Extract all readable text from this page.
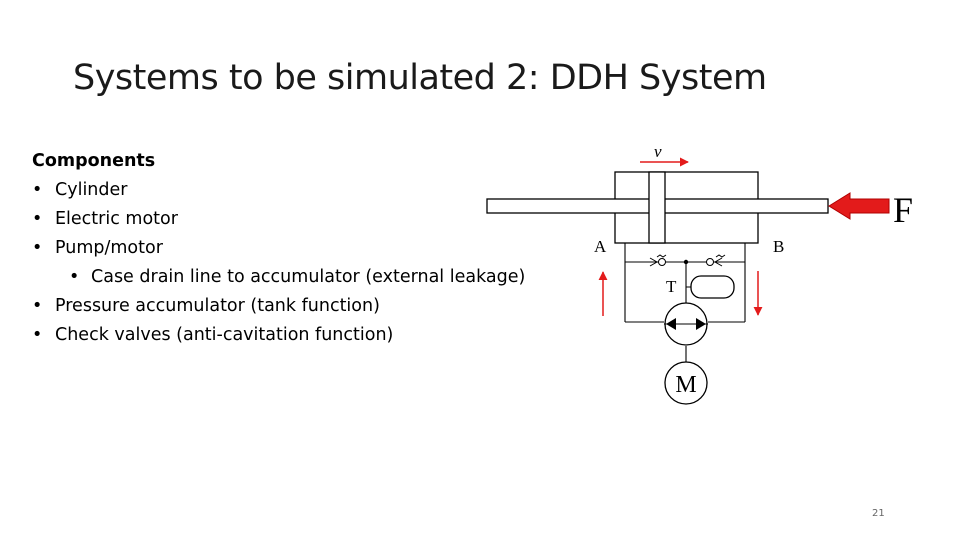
Systems to be simulated 2: DDH System
Components
• Cylinder
• Electric motor
• Pump/motor
• Case drain line to accumulator (external leakage)
• Pressure accumulator (tank function)
• Check valves (anti-cavitation function)
v
F
A	B
T
M
21
